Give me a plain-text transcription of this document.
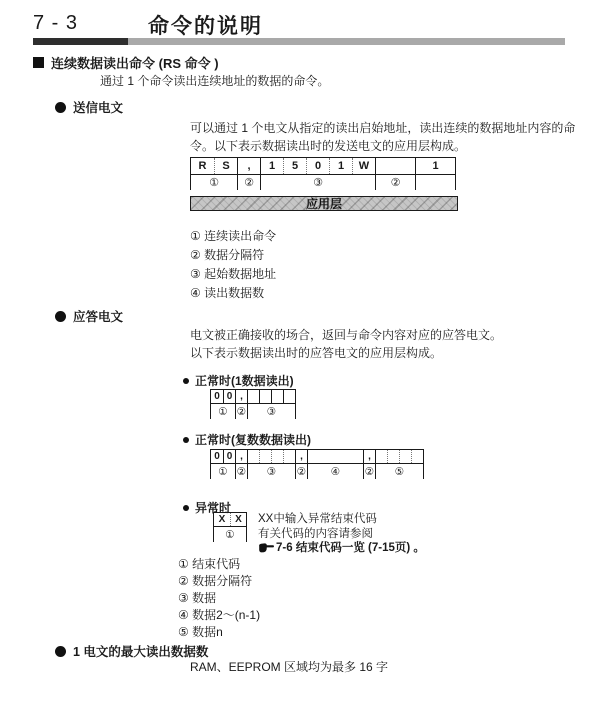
7 - 3	命令的说明
连续数据读出命令 (RS 命令 )
通过 1 个命令读出连续地址的数据的命令。
送信电文
可以通过 1 个电文从指定的读出启始地址，读出连续的数据地址内容的命
令。以下表示数据读出时的发送电文的应用层构成。
R	S	,	1	5	0	1	W	1
①	②	③	②
应用层
① 连续读出命令
② 数据分隔符
③ 起始数据地址
④ 读出数据数
应答电文
电文被正确接收的场合，返回与命令内容对应的应答电文。
以下表示数据读出时的应答电文的应用层构成。
正常时(1数据读出)
0 0 ,
① ②	③
正常时(复数数据读出)
0 0 ,	,	,
① ②	③	②	④	②	⑤
异常时
X X
①
XX中输入异常结束代码
有关代码的内容请参阅
7-6 结束代码一览 (7-15页) 。
① 结束代码
② 数据分隔符
③ 数据
④ 数据2～(n-1)
⑤ 数据n
1 电文的最大读出数据数
RAM、EEPROM 区域均为最多 16 字
